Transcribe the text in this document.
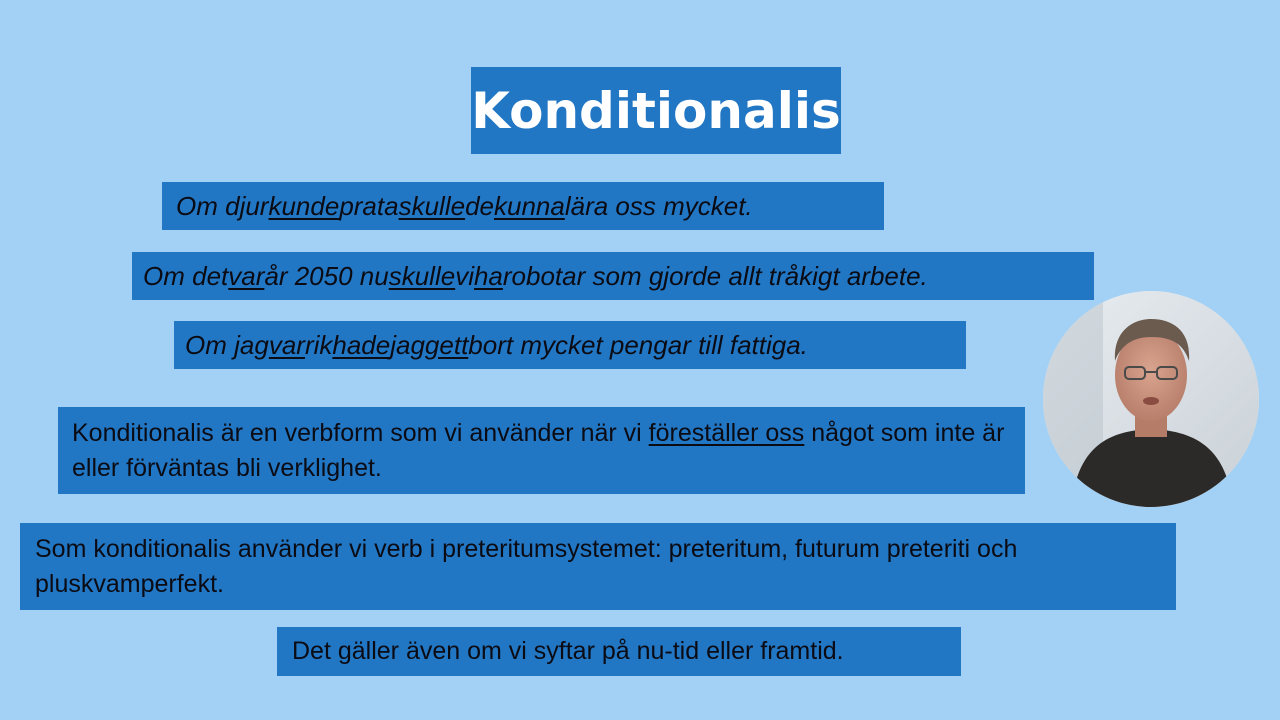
Konditionalis
Om djur kunde prata skulle de kunna lära oss mycket.
Om det var år 2050 nu skulle vi ha robotar som gjorde allt tråkigt arbete.
Om jag var rik hade jag gett bort mycket pengar till fattiga.
Konditionalis är en verbform som vi använder när vi föreställer oss något som inte är eller förväntas bli verklighet.
Som konditionalis använder vi verb i preteritumsystemet: preteritum, futurum preteriti och pluskvamperfekt.
Det gäller även om vi syftar på nu-tid eller framtid.
